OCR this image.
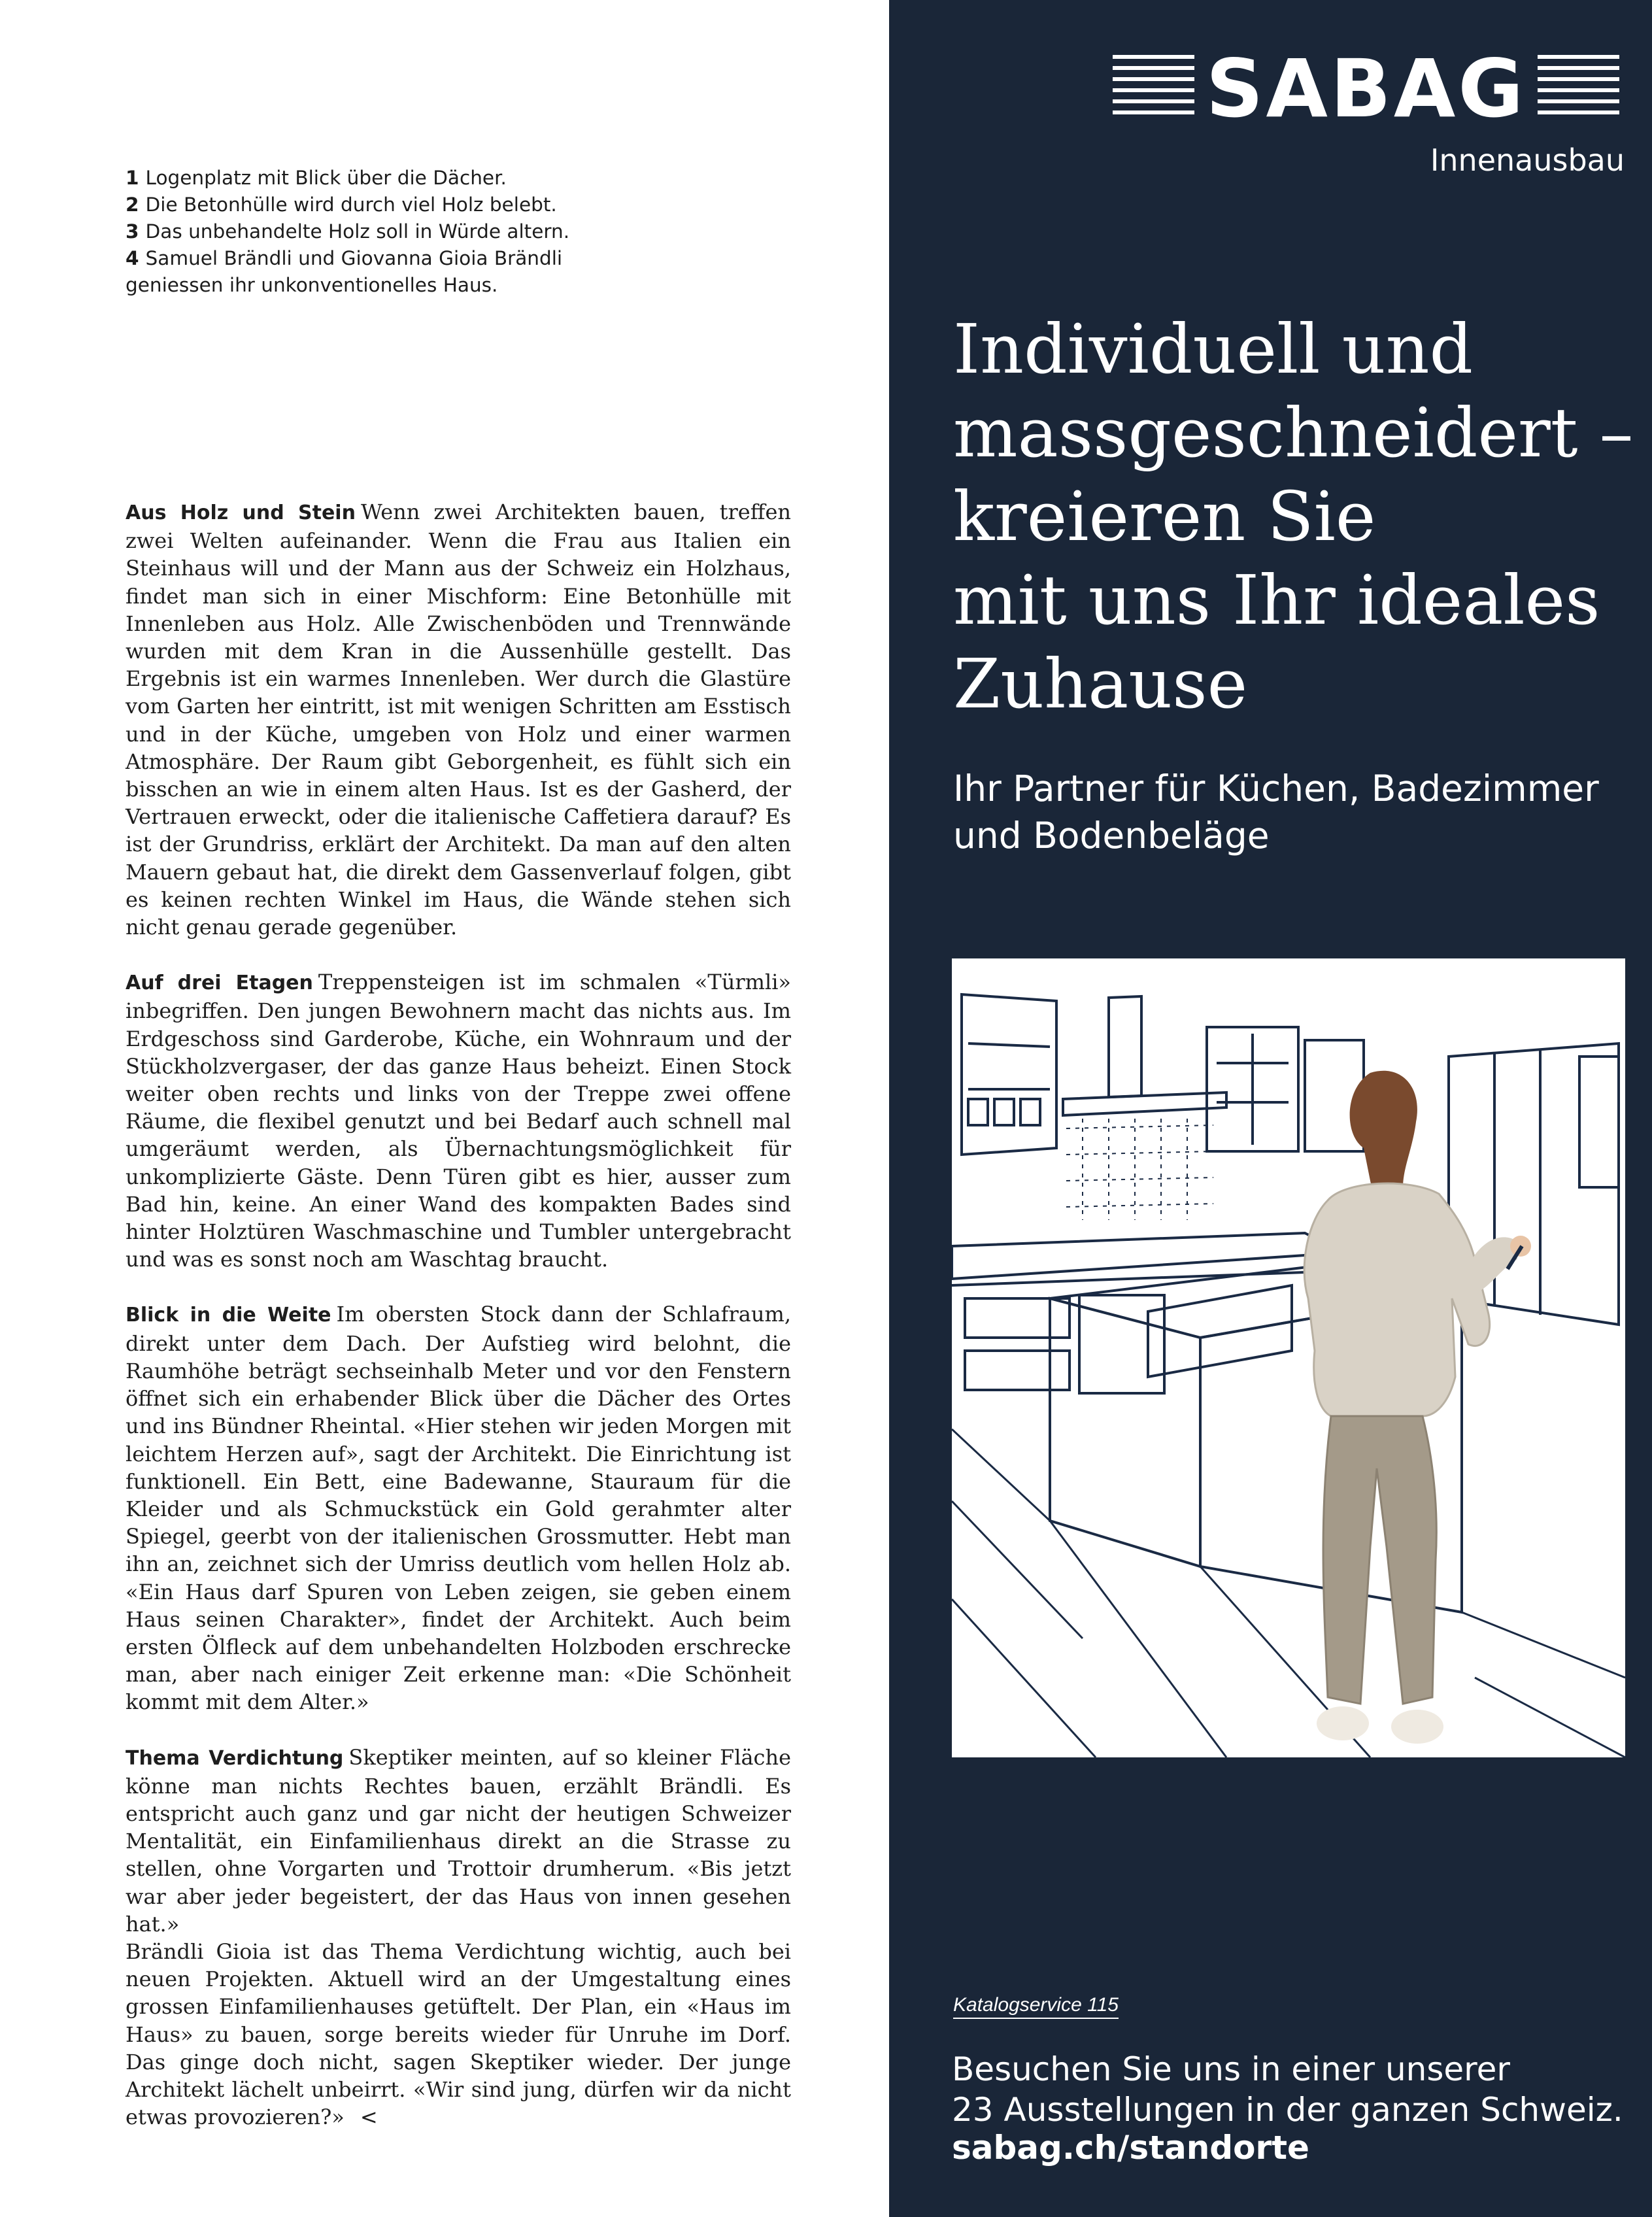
1 Logenplatz mit Blick über die Dächer.

2 Die Betonhülle wird durch viel Holz belebt.

3 Das unbehandelte Holz soll in Würde altern.

4 Samuel Brändli und Giovanna Gioia Brändli geniessen ihr unkonventionelles Haus.

Aus Holz und Stein Wenn zwei Architekten bauen, treffen zwei Welten aufeinander. Wenn die Frau aus Italien ein Steinhaus will und der Mann aus der Schweiz ein Holzhaus, findet man sich in einer Mischform: Eine Betonhülle mit Innenleben aus Holz. Alle Zwischenböden und Trennwände wurden mit dem Kran in die Aussenhülle gestellt. Das Ergebnis ist ein warmes Innenleben. Wer durch die Glastüre vom Garten her eintritt, ist mit wenigen Schritten am Esstisch und in der Küche, umgeben von Holz und einer warmen Atmosphäre. Der Raum gibt Geborgenheit, es fühlt sich ein bisschen an wie in einem alten Haus. Ist es der Gasherd, der Vertrauen erweckt, oder die italienische Caffetiera darauf? Es ist der Grundriss, erklärt der Architekt. Da man auf den alten Mauern gebaut hat, die direkt dem Gassenverlauf folgen, gibt es keinen rechten Winkel im Haus, die Wände stehen sich nicht genau gerade gegenüber.

Auf drei Etagen Treppensteigen ist im schmalen «Türmli» inbegriffen. Den jungen Bewohnern macht das nichts aus. Im Erdgeschoss sind Garderobe, Küche, ein Wohnraum und der Stückholzvergaser, der das ganze Haus beheizt. Einen Stock weiter oben rechts und links von der Treppe zwei offene Räume, die flexibel genutzt und bei Bedarf auch schnell mal umgeräumt werden, als Übernachtungsmöglichkeit für unkomplizierte Gäste. Denn Türen gibt es hier, ausser zum Bad hin, keine. An einer Wand des kompakten Bades sind hinter Holztüren Waschmaschine und Tumbler untergebracht und was es sonst noch am Waschtag braucht.

Blick in die Weite Im obersten Stock dann der Schlafraum, direkt unter dem Dach. Der Aufstieg wird belohnt, die Raumhöhe beträgt sechseinhalb Meter und vor den Fenstern öffnet sich ein erhabender Blick über die Dächer des Ortes und ins Bündner Rheintal. «Hier stehen wir jeden Morgen mit leichtem Herzen auf», sagt der Architekt. Die Einrichtung ist funktionell. Ein Bett, eine Badewanne, Stauraum für die Kleider und als Schmuckstück ein Gold gerahmter alter Spiegel, geerbt von der italienischen Grossmutter. Hebt man ihn an, zeichnet sich der Umriss deutlich vom hellen Holz ab. «Ein Haus darf Spuren von Leben zeigen, sie geben einem Haus seinen Charakter», findet der Architekt. Auch beim ersten Ölfleck auf dem unbehandelten Holzboden erschrecke man, aber nach einiger Zeit erkenne man: «Die Schönheit kommt mit dem Alter.»

Thema Verdichtung Skeptiker meinten, auf so kleiner Fläche könne man nichts Rechtes bauen, erzählt Brändli. Es entspricht auch ganz und gar nicht der heutigen Schweizer Mentalität, ein Einfamilienhaus direkt an die Strasse zu stellen, ohne Vorgarten und Trottoir drumherum. «Bis jetzt war aber jeder begeistert, der das Haus von innen gesehen hat.»

Brändli Gioia ist das Thema Verdichtung wichtig, auch bei neuen Projekten. Aktuell wird an der Umgestaltung eines grossen Einfamilienhauses getüftelt. Der Plan, ein «Haus im Haus» zu bauen, sorge bereits wieder für Unruhe im Dorf. Das ginge doch nicht, sagen Skeptiker wieder. Der junge Architekt lächelt unbeirrt. «Wir sind jung, dürfen wir da nicht etwas provozieren?» <

SABAG
Innenausbau
Individuell und
massgeschneidert –
kreieren Sie
mit uns Ihr ideales
Zuhause
Ihr Partner für Küchen, Badezimmer
und Bodenbeläge
Katalogservice 115
Besuchen Sie uns in einer unserer
23 Ausstellungen in der ganzen Schweiz.
sabag.ch/standorte
